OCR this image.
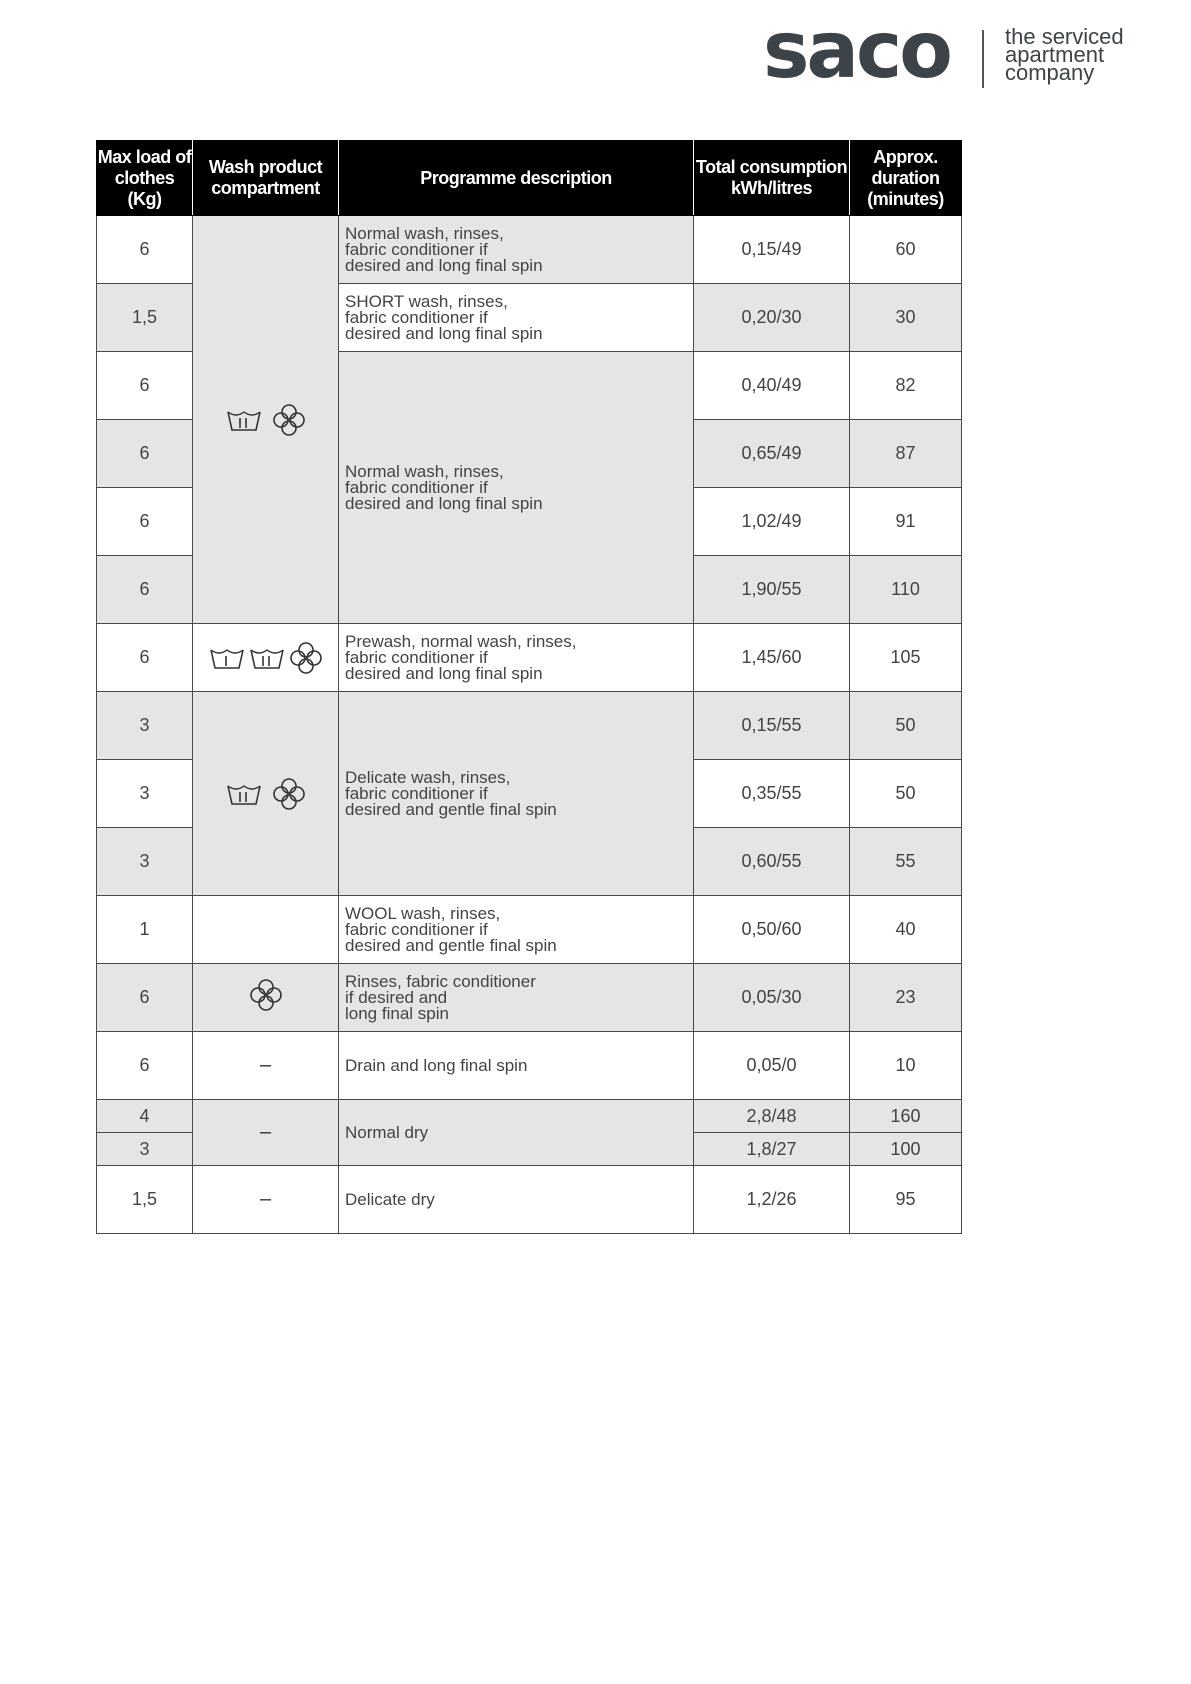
saco	the serviced
apartment
company
Max load of clothes (Kg)	Wash product compartment	Programme description	Total consumption kWh/litres	Approx. duration (minutes)
6		Normal wash, rinses,
fabric conditioner if
desired and long final spin	0,15/49	60
1,5		SHORT wash, rinses,
fabric conditioner if
desired and long final spin	0,20/30	30
6		Normal wash, rinses,
fabric conditioner if
desired and long final spin	0,40/49	82
6			0,65/49	87
6			1,02/49	91
6			1,90/55	110
6		Prewash, normal wash, rinses,
fabric conditioner if
desired and long final spin	1,45/60	105
3		Delicate wash, rinses,
fabric conditioner if
desired and gentle final spin	0,15/55	50
3			0,35/55	50
3			0,60/55	55
1		WOOL wash, rinses,
fabric conditioner if
desired and gentle final spin	0,50/60	40
6		Rinses, fabric conditioner
if desired and
long final spin	0,05/30	23
6	–	Drain and long final spin	0,05/0	10
4	–	Normal dry	2,8/48	160
3			1,8/27	100
1,5	–	Delicate dry	1,2/26	95
